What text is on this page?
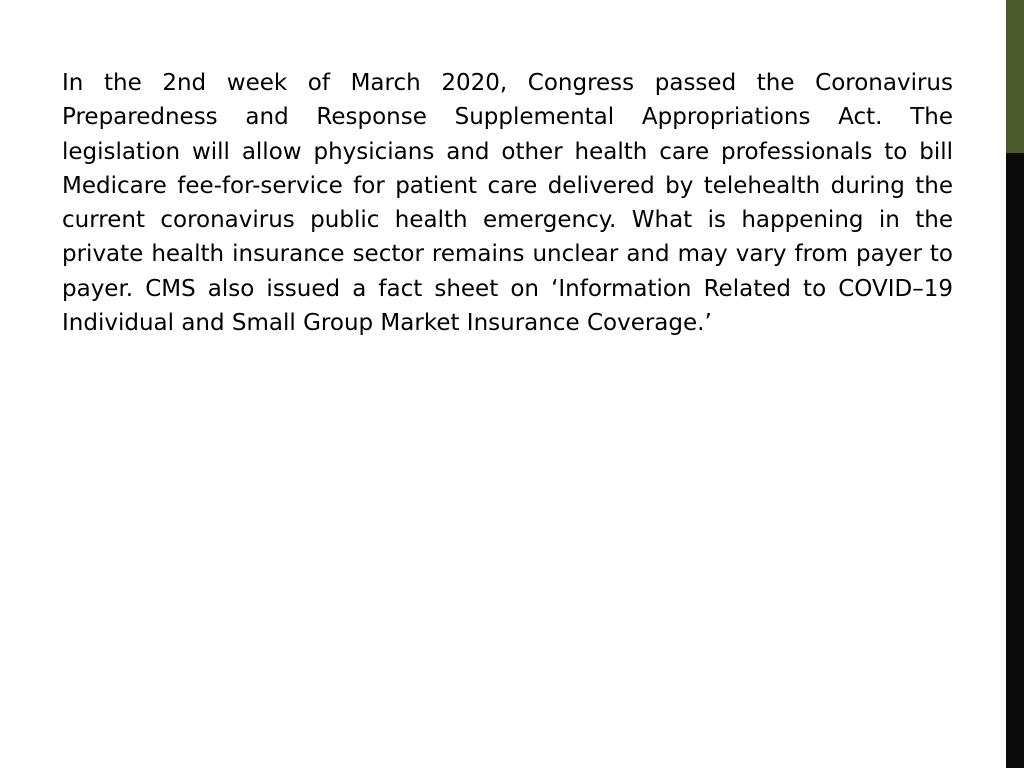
In the 2nd week of March 2020, Congress passed the Coronavirus Preparedness and Response Supplemental Appropriations Act. The legislation will allow physicians and other health care professionals to bill Medicare fee-for-service for patient care delivered by telehealth during the current coronavirus public health emergency. What is happening in the private health insurance sector remains unclear and may vary from payer to payer. CMS also issued a fact sheet on ‘Information Related to COVID–19 Individual and Small Group Market Insurance Coverage.’
